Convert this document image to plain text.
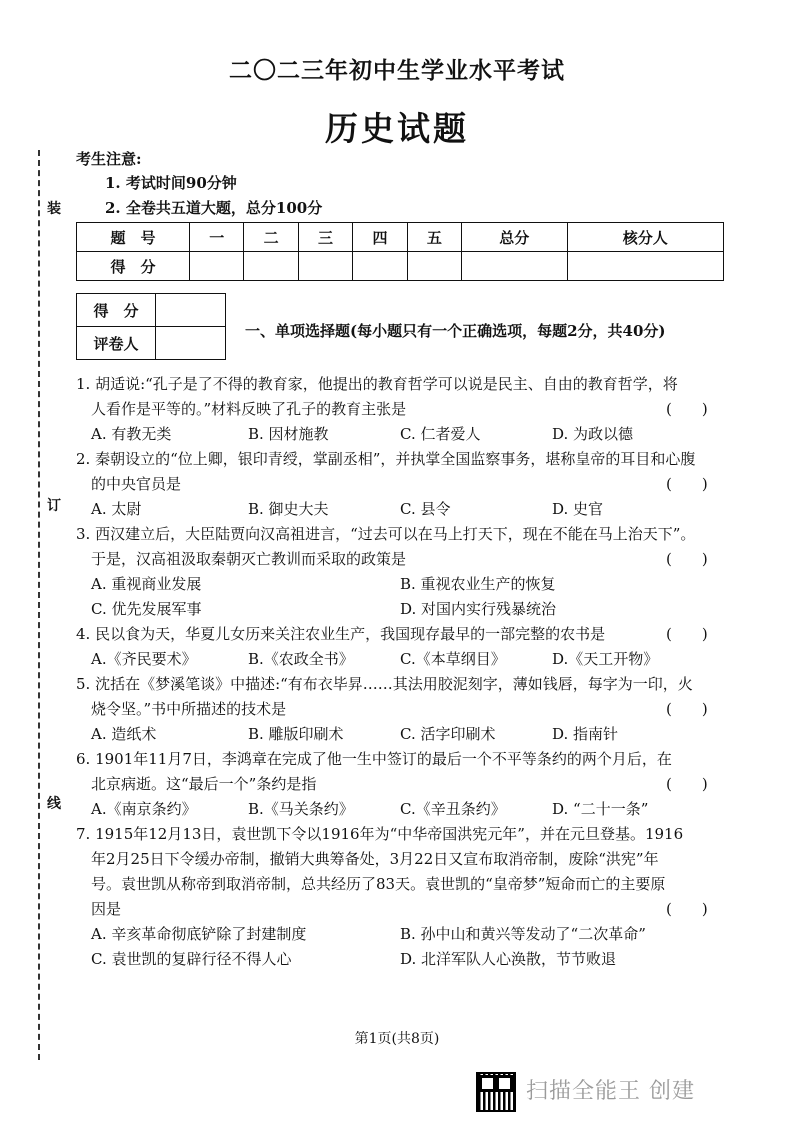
装
订
线
二〇二三年初中生学业水平考试
历史试题
考生注意:
1. 考试时间90分钟
2. 全卷共五道大题，总分100分
题　号	一	二	三	四	五	总分	核分人
得　分							
得　分	
评卷人	
一、单项选择题(每小题只有一个正确选项，每题2分，共40分)
1. 胡适说:“孔子是了不得的教育家，他提出的教育哲学可以说是民主、自由的教育哲学，将
人看作是平等的。”材料反映了孔子的教育主张是	(　　)
A. 有教无类	B. 因材施教	C. 仁者爱人	D. 为政以德
2. 秦朝设立的“位上卿，银印青绶，掌副丞相”，并执掌全国监察事务，堪称皇帝的耳目和心腹
的中央官员是	(　　)
A. 太尉	B. 御史大夫	C. 县令	D. 史官
3. 西汉建立后，大臣陆贾向汉高祖进言，“过去可以在马上打天下，现在不能在马上治天下”。
于是，汉高祖汲取秦朝灭亡教训而采取的政策是	(　　)
A. 重视商业发展	B. 重视农业生产的恢复
C. 优先发展军事	D. 对国内实行残暴统治
4. 民以食为天，华夏儿女历来关注农业生产，我国现存最早的一部完整的农书是	(　　)
A.《齐民要术》	B.《农政全书》	C.《本草纲目》	D.《天工开物》
5. 沈括在《梦溪笔谈》中描述:“有布衣毕昇……其法用胶泥刻字，薄如钱唇，每字为一印，火
烧令坚。”书中所描述的技术是	(　　)
A. 造纸术	B. 雕版印刷术	C. 活字印刷术	D. 指南针
6. 1901年11月7日，李鸿章在完成了他一生中签订的最后一个不平等条约的两个月后，在
北京病逝。这“最后一个”条约是指	(　　)
A.《南京条约》	B.《马关条约》	C.《辛丑条约》	D. “二十一条”
7. 1915年12月13日，袁世凯下令以1916年为“中华帝国洪宪元年”，并在元旦登基。1916
年2月25日下令缓办帝制，撤销大典筹备处，3月22日又宣布取消帝制，废除“洪宪”年
号。袁世凯从称帝到取消帝制，总共经历了83天。袁世凯的“皇帝梦”短命而亡的主要原
因是	(　　)
A. 辛亥革命彻底铲除了封建制度	B. 孙中山和黄兴等发动了“二次革命”
C. 袁世凯的复辟行径不得人心	D. 北洋军队人心涣散，节节败退
第1页(共8页)
扫描全能王 创建
